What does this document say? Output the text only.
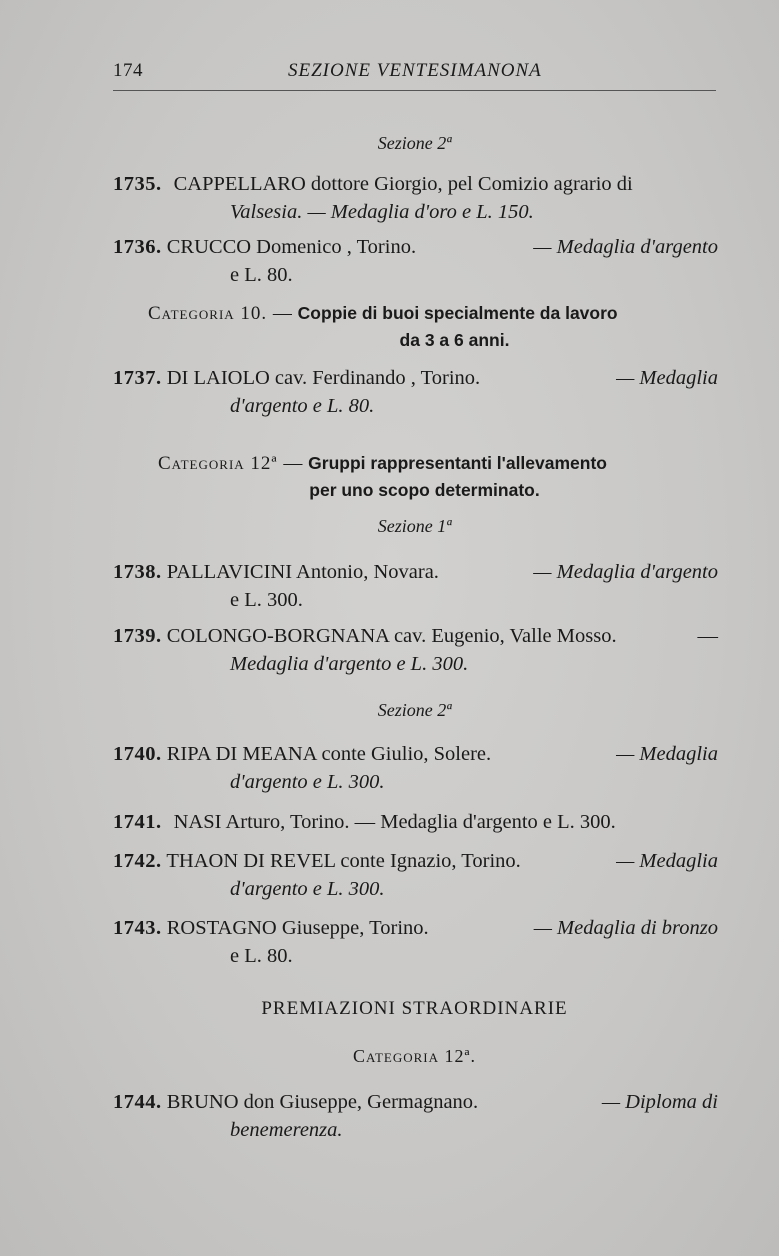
174	SEZIONE VENTESIMANONA
Sezione 2ª
1735. CAPPELLARO dottore Giorgio, pel Comizio agrario di
Valsesia. — Medaglia d'oro e L. 150.
1736. CRUCCO Domenico , Torino.	— Medaglia d'argento
e L. 80.
Categoria 10. — Coppie di buoi specialmente da lavoro
da 3 a 6 anni.
1737. DI LAIOLO cav. Ferdinando , Torino.	— Medaglia
d'argento e L. 80.
Categoria 12ª — Gruppi rappresentanti l'allevamento
per uno scopo determinato.
Sezione 1ª
1738. PALLAVICINI Antonio, Novara.	— Medaglia d'argento
e L. 300.
1739. COLONGO-BORGNANA cav. Eugenio, Valle Mosso.	—
Medaglia d'argento e L. 300.
Sezione 2ª
1740. RIPA DI MEANA conte Giulio, Solere.	— Medaglia
d'argento e L. 300.
1741. NASI Arturo, Torino. — Medaglia d'argento e L. 300.
1742. THAON DI REVEL conte Ignazio, Torino.	— Medaglia
d'argento e L. 300.
1743. ROSTAGNO Giuseppe, Torino.	— Medaglia di bronzo
e L. 80.
PREMIAZIONI STRAORDINARIE
Categoria 12ª.
1744. BRUNO don Giuseppe, Germagnano.	— Diploma di
benemerenza.
